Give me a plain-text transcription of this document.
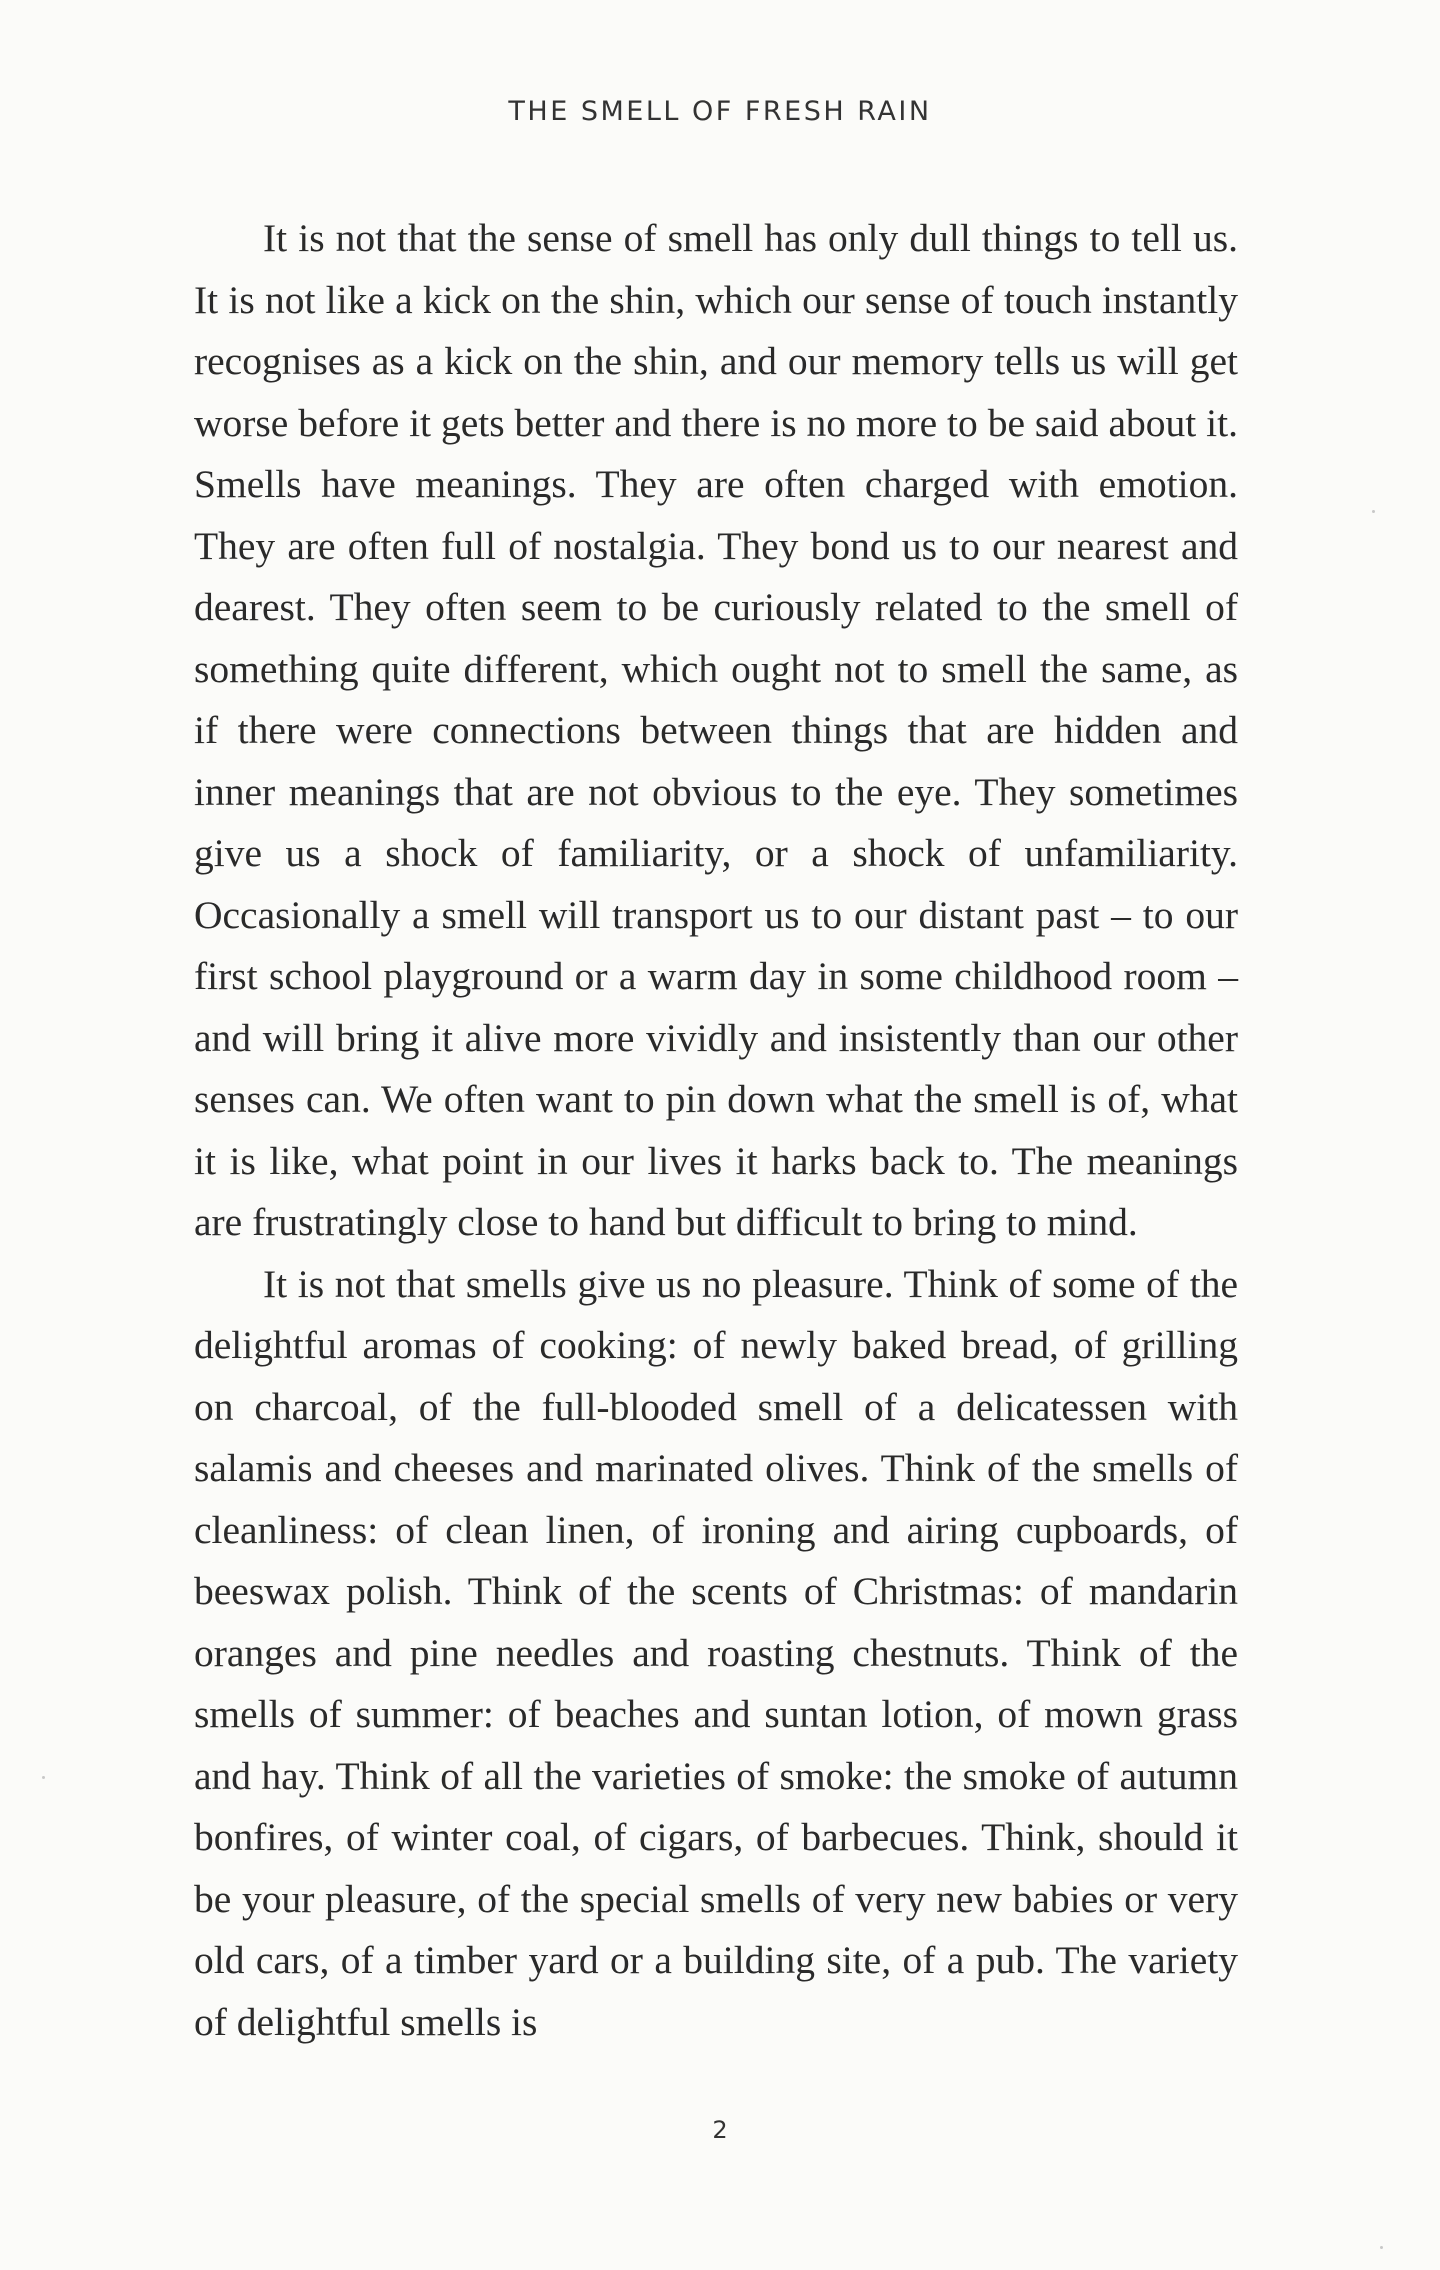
THE SMELL OF FRESH RAIN

It is not that the sense of smell has only dull things to tell us. It is not like a kick on the shin, which our sense of touch instantly recognises as a kick on the shin, and our memory tells us will get worse before it gets better and there is no more to be said about it. Smells have meanings. They are often charged with emotion. They are often full of nostalgia. They bond us to our nearest and dearest. They often seem to be curiously related to the smell of something quite different, which ought not to smell the same, as if there were connections between things that are hidden and inner meanings that are not obvious to the eye. They sometimes give us a shock of familiarity, or a shock of unfamiliarity. Occasionally a smell will transport us to our distant past – to our first school playground or a warm day in some childhood room – and will bring it alive more vividly and insistently than our other senses can. We often want to pin down what the smell is of, what it is like, what point in our lives it harks back to. The meanings are frustratingly close to hand but difficult to bring to mind.

It is not that smells give us no pleasure. Think of some of the delightful aromas of cooking: of newly baked bread, of grilling on charcoal, of the full-blooded smell of a delicatessen with salamis and cheeses and marinated olives. Think of the smells of cleanliness: of clean linen, of ironing and airing cupboards, of beeswax polish. Think of the scents of Christmas: of mandarin oranges and pine needles and roasting chestnuts. Think of the smells of summer: of beaches and suntan lotion, of mown grass and hay. Think of all the varieties of smoke: the smoke of autumn bonfires, of winter coal, of cigars, of barbecues. Think, should it be your pleasure, of the special smells of very new babies or very old cars, of a timber yard or a building site, of a pub. The variety of delightful smells is

2
